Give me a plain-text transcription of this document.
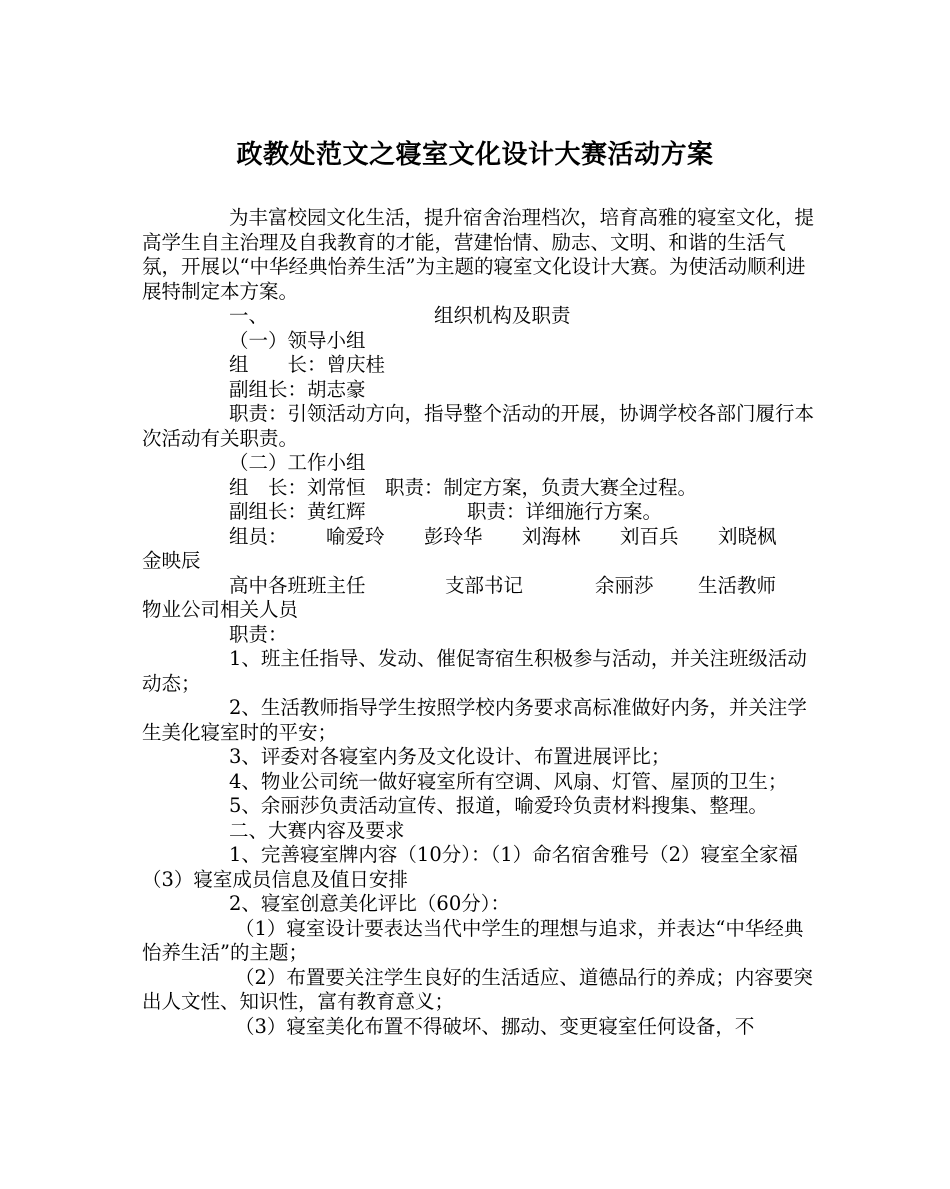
政教处范文之寝室文化设计大赛活动方案

为丰富校园文化生活，提升宿舍治理档次，培育高雅的寝室文化，提高学生自主治理及自我教育的才能，营建怡情、励志、文明、和谐的生活气氛，开展以“中华经典怡养生活”为主题的寝室文化设计大赛。为使活动顺利进展特制定本方案。

一、	组织机构及职责

（一）领导小组

组　　长： 曾庆桂
副组长： 胡志豪

职责：引领活动方向，指导整个活动的开展，协调学校各部门履行本次活动有关职责。

（二）工作小组

组　长：刘常恒　职责：制定方案，负责大赛全过程。

副组长：黄红辉	职责：详细施行方案。
组员：	喻爱玲	彭玲华	刘海林	刘百兵	刘晓枫

金映辰

高中各班班主任	支部书记	余丽莎	生活教师

物业公司相关人员

职责：

1、班主任指导、发动、催促寄宿生积极参与活动，并关注班级活动动态；

2、生活教师指导学生按照学校内务要求高标准做好内务，并关注学生美化寝室时的平安；

3、评委对各寝室内务及文化设计、布置进展评比；

4、物业公司统一做好寝室所有空调、风扇、灯管、屋顶的卫生；

5、余丽莎负责活动宣传、报道，喻爱玲负责材料搜集、整理。

二、大赛内容及要求

1、完善寝室牌内容（10分）：（1）命名宿舍雅号（2）寝室全家福（3）寝室成员信息及值日安排

2、寝室创意美化评比（60分）：

（1）寝室设计要表达当代中学生的理想与追求，并表达“中华经典怡养生活”的主题；

（2）布置要关注学生良好的生活适应、道德品行的养成；内容要突出人文性、知识性，富有教育意义；

（3）寝室美化布置不得破坏、挪动、变更寝室任何设备，不
